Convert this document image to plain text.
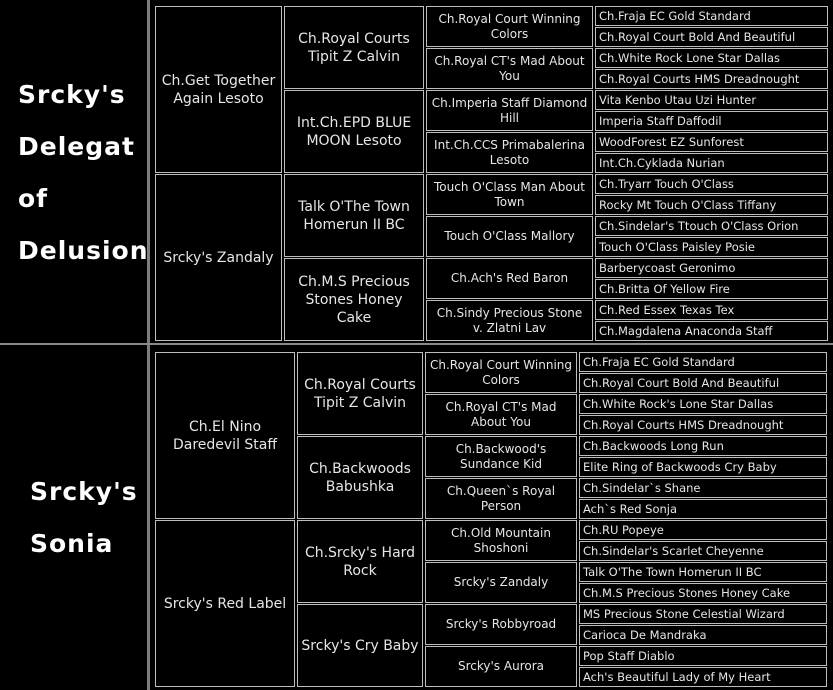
Srcky's
Delegat of
Delusion
Ch.Get Together Again Lesoto
Srcky's Zandaly
Ch.Royal Courts Tipit Z Calvin
Int.Ch.EPD BLUE MOON Lesoto
Talk O'The Town Homerun II BC
Ch.M.S Precious Stones Honey Cake
Ch.Royal Court Winning Colors
Ch.Royal CT's Mad About You
Ch.Imperia Staff Diamond Hill
Int.Ch.CCS Primabalerina Lesoto
Touch O'Class Man About Town
Touch O'Class Mallory
Ch.Ach's Red Baron
Ch.Sindy Precious Stone v. Zlatni Lav
Ch.Fraja EC Gold Standard
Ch.Royal Court Bold And Beautiful
Ch.White Rock Lone Star Dallas
Ch.Royal Courts HMS Dreadnought
Vita Kenbo Utau Uzi Hunter
Imperia Staff Daffodil
WoodForest EZ Sunforest
Int.Ch.Cyklada Nurian
Ch.Tryarr Touch O'Class
Rocky Mt Touch O'Class Tiffany
Ch.Sindelar's Ttouch O'Class Orion
Touch O'Class Paisley Posie
Barberycoast Geronimo
Ch.Britta Of Yellow Fire
Ch.Red Essex Texas Tex
Ch.Magdalena Anaconda Staff
Srcky's
Sonia
Ch.El Nino Daredevil Staff
Srcky's Red Label
Ch.Royal Courts Tipit Z Calvin
Ch.Backwoods Babushka
Ch.Srcky's Hard Rock
Srcky's Cry Baby
Ch.Royal Court Winning Colors
Ch.Royal CT's Mad About You
Ch.Backwood's Sundance Kid
Ch.Queen`s Royal Person
Ch.Old Mountain Shoshoni
Srcky's Zandaly
Srcky's Robbyroad
Srcky's Aurora
Ch.Fraja EC Gold Standard
Ch.Royal Court Bold And Beautiful
Ch.White Rock's Lone Star Dallas
Ch.Royal Courts HMS Dreadnought
Ch.Backwoods Long Run
Elite Ring of Backwoods Cry Baby
Ch.Sindelar`s Shane
Ach`s Red Sonja
Ch.RU Popeye
Ch.Sindelar's Scarlet Cheyenne
Talk O'The Town Homerun II BC
Ch.M.S Precious Stones Honey Cake
MS Precious Stone Celestial Wizard
Carioca De Mandraka
Pop Staff Diablo
Ach's Beautiful Lady of My Heart
